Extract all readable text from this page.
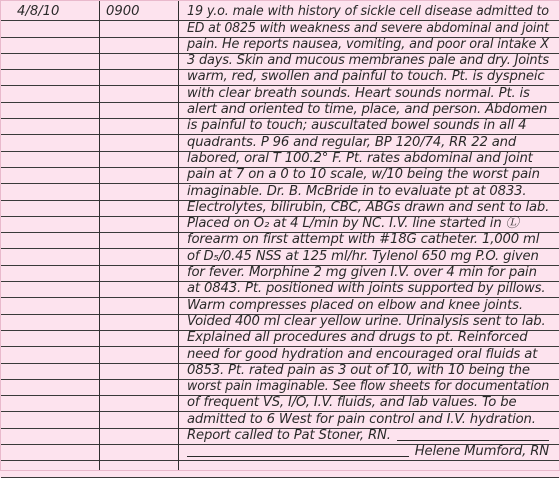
4/8/10	0900	19 y.o. male with history of sickle cell disease admitted to
ED at 0825 with weakness and severe abdominal and joint
pain. He reports nausea, vomiting, and poor oral intake X
3 days. Skin and mucous membranes pale and dry. Joints
warm, red, swollen and painful to touch. Pt. is dyspneic
with clear breath sounds. Heart sounds normal. Pt. is
alert and oriented to time, place, and person. Abdomen
is painful to touch; auscultated bowel sounds in all 4
quadrants. P 96 and regular, BP 120/74, RR 22 and
labored, oral T 100.2° F. Pt. rates abdominal and joint
pain at 7 on a 0 to 10 scale, w/10 being the worst pain
imaginable. Dr. B. McBride in to evaluate pt at 0833.
Electrolytes, bilirubin, CBC, ABGs drawn and sent to lab.
Placed on O₂ at 4 L/min by NC. I.V. line started in Ⓛ
forearm on first attempt with #18G catheter. 1,000 ml
of D₅/0.45 NSS at 125 ml/hr. Tylenol 650 mg P.O. given
for fever. Morphine 2 mg given I.V. over 4 min for pain
at 0843. Pt. positioned with joints supported by pillows.
Warm compresses placed on elbow and knee joints.
Voided 400 ml clear yellow urine. Urinalysis sent to lab.
Explained all procedures and drugs to pt. Reinforced
need for good hydration and encouraged oral fluids at
0853. Pt. rated pain as 3 out of 10, with 10 being the
worst pain imaginable. See flow sheets for documentation
of frequent VS, I/O, I.V. fluids, and lab values. To be
admitted to 6 West for pain control and I.V. hydration.
Report called to Pat Stoner, RN.
Helene Mumford, RN
